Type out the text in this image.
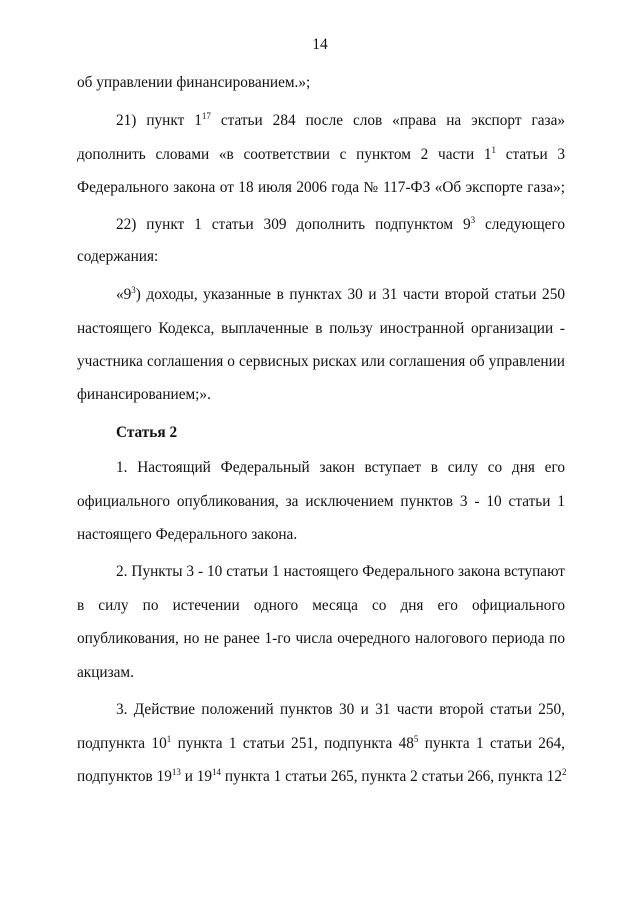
14
об управлении финансированием.»;
21) пункт $1^{17}$ статьи 284 после слов «права на экспорт газа»
дополнить словами «в соответствии с пунктом 2 части $1^1$ статьи 3
Федерального закона от 18 июля 2006 года № 117-ФЗ «Об экспорте газа»;
22) пункт 1 статьи 309 дополнить подпунктом $9^3$ следующего
содержания:
«$9^3$) доходы, указанные в пунктах 30 и 31 части второй статьи 250
настоящего Кодекса, выплаченные в пользу иностранной организации -
участника соглашения о сервисных рисках или соглашения об управлении
финансированием;».
Статья 2
1. Настоящий Федеральный закон вступает в силу со дня его
официального опубликования, за исключением пунктов 3 - 10 статьи 1
настоящего Федерального закона.
2. Пункты 3 - 10 статьи 1 настоящего Федерального закона вступают
в силу по истечении одного месяца со дня его официального
опубликования, но не ранее 1-го числа очередного налогового периода по
акцизам.
3. Действие положений пунктов 30 и 31 части второй статьи 250,
подпункта $10^1$ пункта 1 статьи 251, подпункта $48^5$ пункта 1 статьи 264,
подпунктов $19^{13}$ и $19^{14}$ пункта 1 статьи 265, пункта 2 статьи 266, пункта $12^2$
